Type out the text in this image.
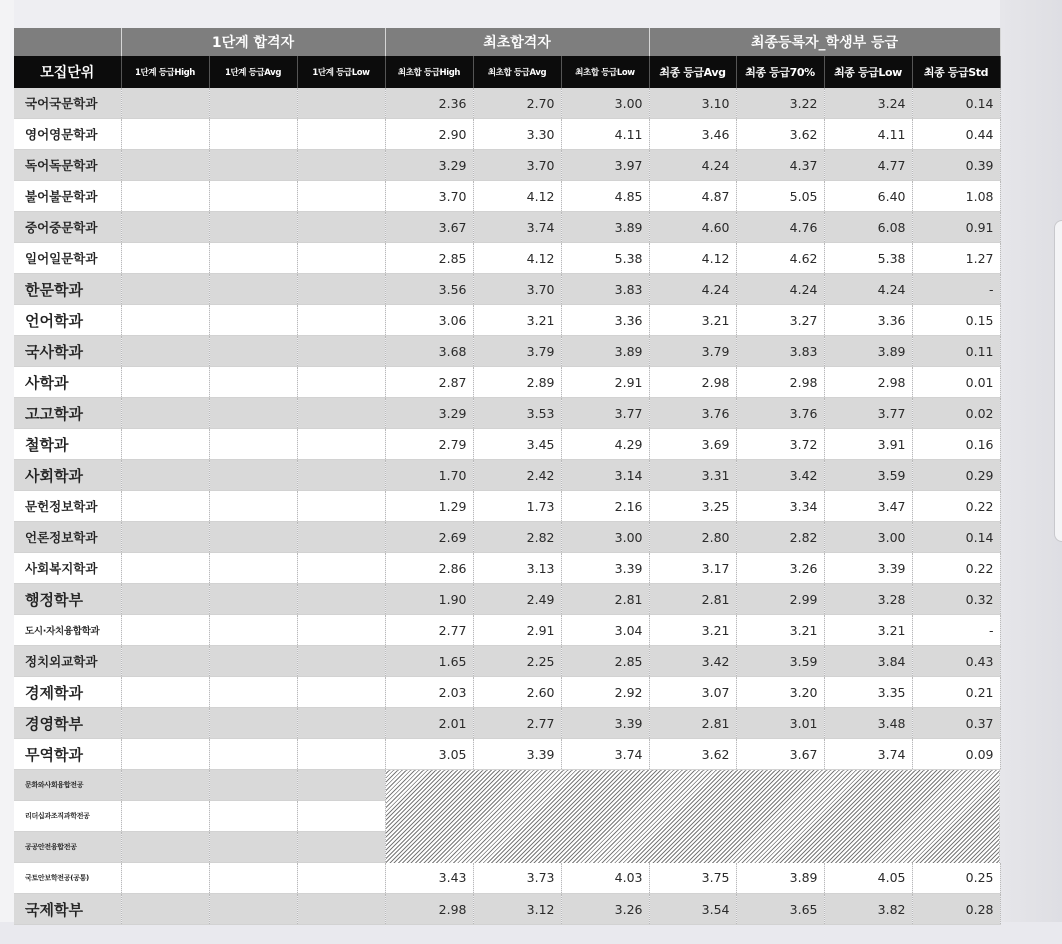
	1단계 합격자			최초합격자			최종등록자_학생부 등급			
모집단위	1단계 등급High	1단계 등급Avg	1단계 등급Low	최초합 등급High	최초합 등급Avg	최초합 등급Low	최종 등급Avg	최종 등급70%	최종 등급Low	최종 등급Std
국어국문학과				2.36	2.70	3.00	3.10	3.22	3.24	0.14
영어영문학과				2.90	3.30	4.11	3.46	3.62	4.11	0.44
독어독문학과				3.29	3.70	3.97	4.24	4.37	4.77	0.39
불어불문학과				3.70	4.12	4.85	4.87	5.05	6.40	1.08
중어중문학과				3.67	3.74	3.89	4.60	4.76	6.08	0.91
일어일문학과				2.85	4.12	5.38	4.12	4.62	5.38	1.27
한문학과				3.56	3.70	3.83	4.24	4.24	4.24	-
언어학과				3.06	3.21	3.36	3.21	3.27	3.36	0.15
국사학과				3.68	3.79	3.89	3.79	3.83	3.89	0.11
사학과				2.87	2.89	2.91	2.98	2.98	2.98	0.01
고고학과				3.29	3.53	3.77	3.76	3.76	3.77	0.02
철학과				2.79	3.45	4.29	3.69	3.72	3.91	0.16
사회학과				1.70	2.42	3.14	3.31	3.42	3.59	0.29
문헌정보학과				1.29	1.73	2.16	3.25	3.34	3.47	0.22
언론정보학과				2.69	2.82	3.00	2.80	2.82	3.00	0.14
사회복지학과				2.86	3.13	3.39	3.17	3.26	3.39	0.22
행정학부				1.90	2.49	2.81	2.81	2.99	3.28	0.32
도시·자치융합학과				2.77	2.91	3.04	3.21	3.21	3.21	-
정치외교학과				1.65	2.25	2.85	3.42	3.59	3.84	0.43
경제학과				2.03	2.60	2.92	3.07	3.20	3.35	0.21
경영학부				2.01	2.77	3.39	2.81	3.01	3.48	0.37
무역학과				3.05	3.39	3.74	3.62	3.67	3.74	0.09
문화와사회융합전공										
리더십과조직과학전공										
공공안전융합전공										
국토안보학전공(공통)				3.43	3.73	4.03	3.75	3.89	4.05	0.25
국제학부				2.98	3.12	3.26	3.54	3.65	3.82	0.28
